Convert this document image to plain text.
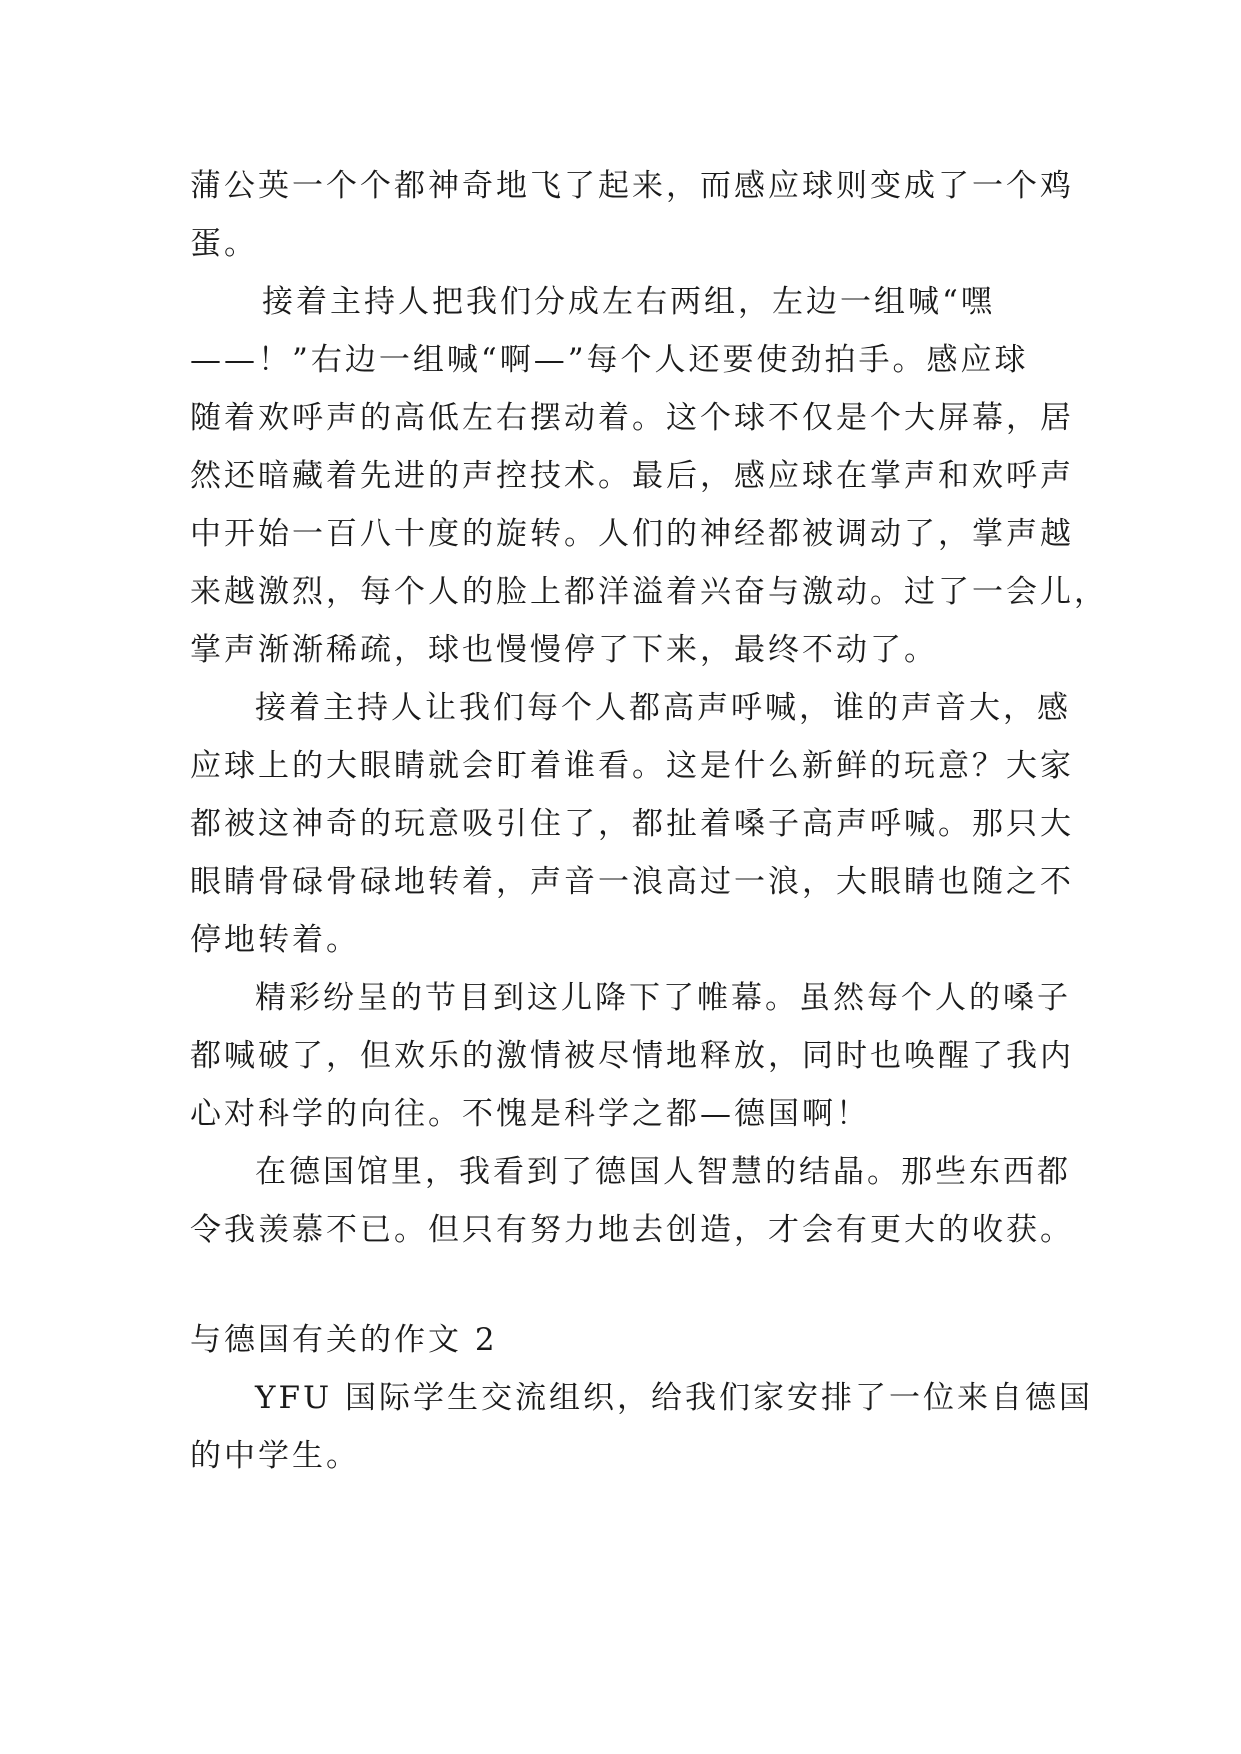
蒲公英一个个都神奇地飞了起来，而感应球则变成了一个鸡
蛋。
接着主持人把我们分成左右两组，左边一组喊“嘿
——！”右边一组喊“啊—”每个人还要使劲拍手。感应球
随着欢呼声的高低左右摆动着。这个球不仅是个大屏幕，居
然还暗藏着先进的声控技术。最后，感应球在掌声和欢呼声
中开始一百八十度的旋转。人们的神经都被调动了，掌声越
来越激烈，每个人的脸上都洋溢着兴奋与激动。过了一会儿，
掌声渐渐稀疏，球也慢慢停了下来，最终不动了。
接着主持人让我们每个人都高声呼喊，谁的声音大，感
应球上的大眼睛就会盯着谁看。这是什么新鲜的玩意？大家
都被这神奇的玩意吸引住了，都扯着嗓子高声呼喊。那只大
眼睛骨碌骨碌地转着，声音一浪高过一浪，大眼睛也随之不
停地转着。
精彩纷呈的节目到这儿降下了帷幕。虽然每个人的嗓子
都喊破了，但欢乐的激情被尽情地释放，同时也唤醒了我内
心对科学的向往。不愧是科学之都—德国啊！
在德国馆里，我看到了德国人智慧的结晶。那些东西都
令我羡慕不已。但只有努力地去创造，才会有更大的收获。
与德国有关的作文 2
YFU 国际学生交流组织，给我们家安排了一位来自德国
的中学生。
